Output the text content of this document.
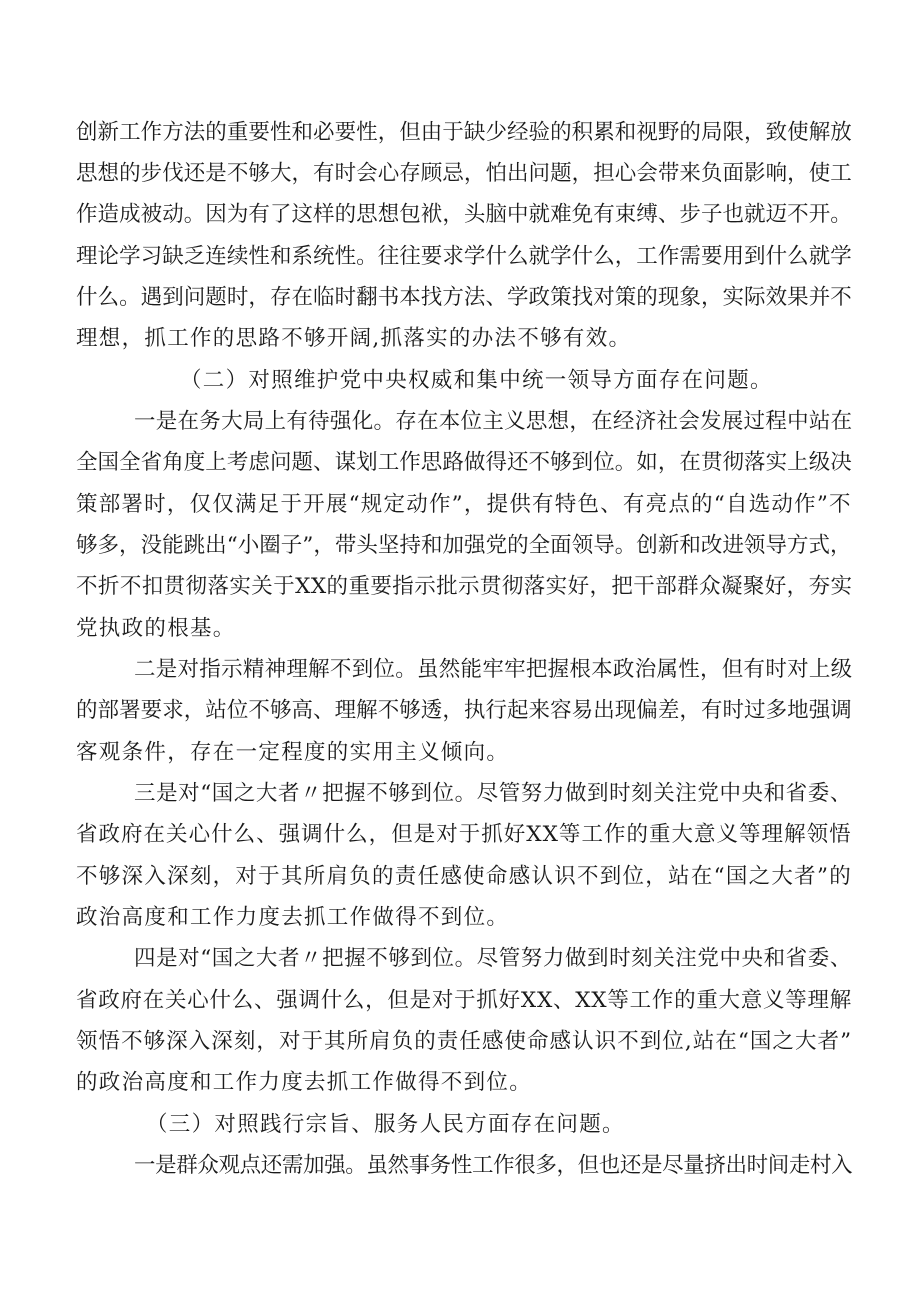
创新工作方法的重要性和必要性，但由于缺少经验的积累和视野的局限，致使解放
思想的步伐还是不够大，有时会心存顾忌，怕出问题，担心会带来负面影响，使工
作造成被动。因为有了这样的思想包袱，头脑中就难免有束缚、步子也就迈不开。
理论学习缺乏连续性和系统性。往往要求学什么就学什么，工作需要用到什么就学
什么。遇到问题时，存在临时翻书本找方法、学政策找对策的现象，实际效果并不
理想，抓工作的思路不够开阔,抓落实的办法不够有效。
（二）对照维护党中央权威和集中统一领导方面存在问题。
一是在务大局上有待强化。存在本位主义思想，在经济社会发展过程中站在
全国全省角度上考虑问题、谋划工作思路做得还不够到位。如，在贯彻落实上级决
策部署时，仅仅满足于开展“规定动作”，提供有特色、有亮点的“自选动作”不
够多，没能跳出“小圈子”，带头坚持和加强党的全面领导。创新和改进领导方式，
不折不扣贯彻落实关于XX的重要指示批示贯彻落实好，把干部群众凝聚好，夯实
党执政的根基。
二是对指示精神理解不到位。虽然能牢牢把握根本政治属性，但有时对上级
的部署要求，站位不够高、理解不够透，执行起来容易出现偏差，有时过多地强调
客观条件，存在一定程度的实用主义倾向。
三是对“国之大者〃把握不够到位。尽管努力做到时刻关注党中央和省委、
省政府在关心什么、强调什么，但是对于抓好XX等工作的重大意义等理解领悟
不够深入深刻，对于其所肩负的责任感使命感认识不到位，站在“国之大者”的
政治高度和工作力度去抓工作做得不到位。
四是对“国之大者〃把握不够到位。尽管努力做到时刻关注党中央和省委、
省政府在关心什么、强调什么，但是对于抓好XX、XX等工作的重大意义等理解
领悟不够深入深刻，对于其所肩负的责任感使命感认识不到位,站在“国之大者”
的政治高度和工作力度去抓工作做得不到位。
（三）对照践行宗旨、服务人民方面存在问题。
一是群众观点还需加强。虽然事务性工作很多，但也还是尽量挤出时间走村入
